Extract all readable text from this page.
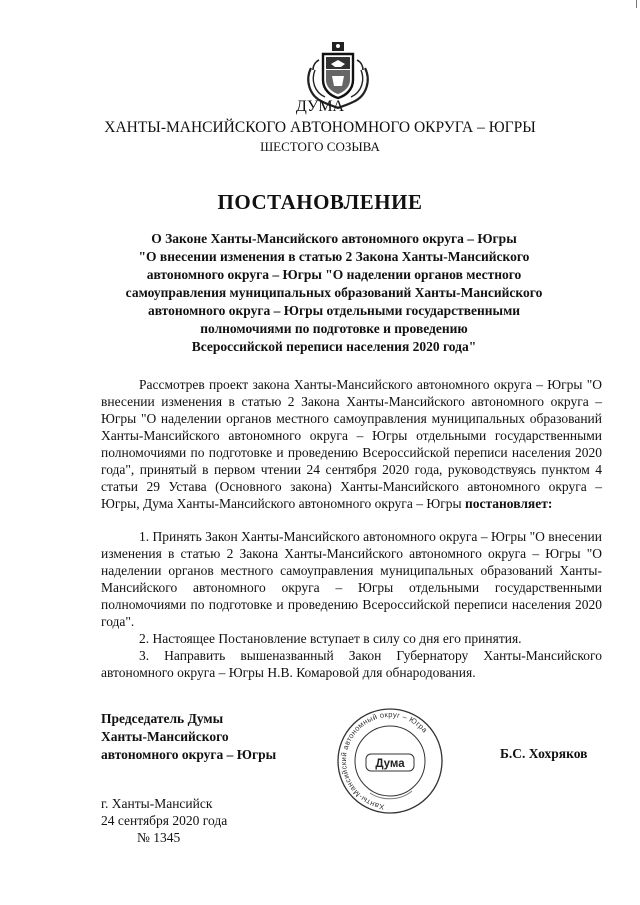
ДУМА
ХАНТЫ-МАНСИЙСКОГО АВТОНОМНОГО ОКРУГА – ЮГРЫ
ШЕСТОГО СОЗЫВА
ПОСТАНОВЛЕНИЕ
О Законе Ханты-Мансийского автономного округа – Югры
"О внесении изменения в статью 2 Закона Ханты-Мансийского
автономного округа – Югры "О наделении органов местного
самоуправления муниципальных образований Ханты-Мансийского
автономного округа – Югры отдельными государственными
полномочиями по подготовке и проведению
Всероссийской переписи населения 2020 года"

Рассмотрев проект закона Ханты-Мансийского автономного округа – Югры "О внесении изменения в статью 2 Закона Ханты-Мансийского автономного округа – Югры "О наделении органов местного самоуправления муниципальных образований Ханты-Мансийского автономного округа – Югры отдельными государственными полномочиями по подготовке и проведению Всероссийской переписи населения 2020 года", принятый в первом чтении 24 сентября 2020 года, руководствуясь пунктом 4 статьи 29 Устава (Основного закона) Ханты-Мансийского автономного округа – Югры, Дума Ханты-Мансийского автономного округа – Югры постановляет:

1. Принять Закон Ханты-Мансийского автономного округа – Югры "О внесении изменения в статью 2 Закона Ханты-Мансийского автономного округа – Югры "О наделении органов местного самоуправления муниципальных образований Ханты-Мансийского автономного округа – Югры отдельными государственными полномочиями по подготовке и проведению Всероссийской переписи населения 2020 года".

2. Настоящее Постановление вступает в силу со дня его принятия.

3. Направить вышеназванный Закон Губернатору Ханты-Мансийского автономного округа – Югры Н.В. Комаровой для обнародования.

Председатель Думы
Ханты-Мансийского
автономного округа – Югры
Ханты-Мансийский автономный округ – Югра
Дума
Б.С. Хохряков
г. Ханты-Мансийск
24 сентября 2020 года
№ 1345
